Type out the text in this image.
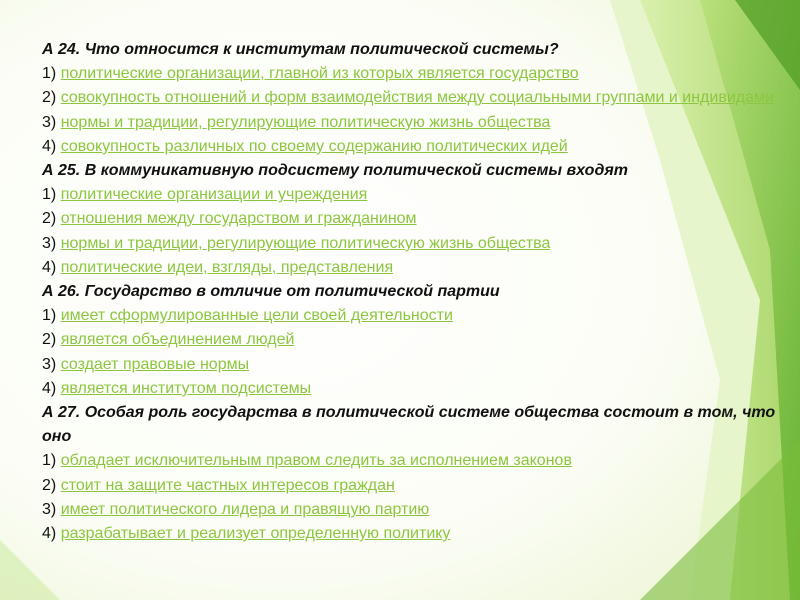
А 24. Что относится к институтам политической системы?
1) политические организации, главной из которых является государство
2) совокупность отношений и форм взаимодействия между социальными группами и индивидами
3) нормы и традиции, регулирующие политическую жизнь общества
4) совокупность различных по своему содержанию политических идей
А 25. В коммуникативную подсистему политической системы входят
1) политические организации и учреждения
2) отношения между государством и гражданином
3) нормы и традиции, регулирующие политическую жизнь общества
4) политические идеи, взгляды, представления
А 26. Государство в отличие от политической партии
1) имеет сформулированные цели своей деятельности
2) является объединением людей
3) создает правовые нормы
4) является институтом подсистемы
А 27. Особая роль государства в политической системе общества состоит в том, что оно
1) обладает исключительным правом следить за исполнением законов
2) стоит на защите частных интересов граждан
3) имеет политического лидера и правящую партию
4) разрабатывает и реализует определенную политику
